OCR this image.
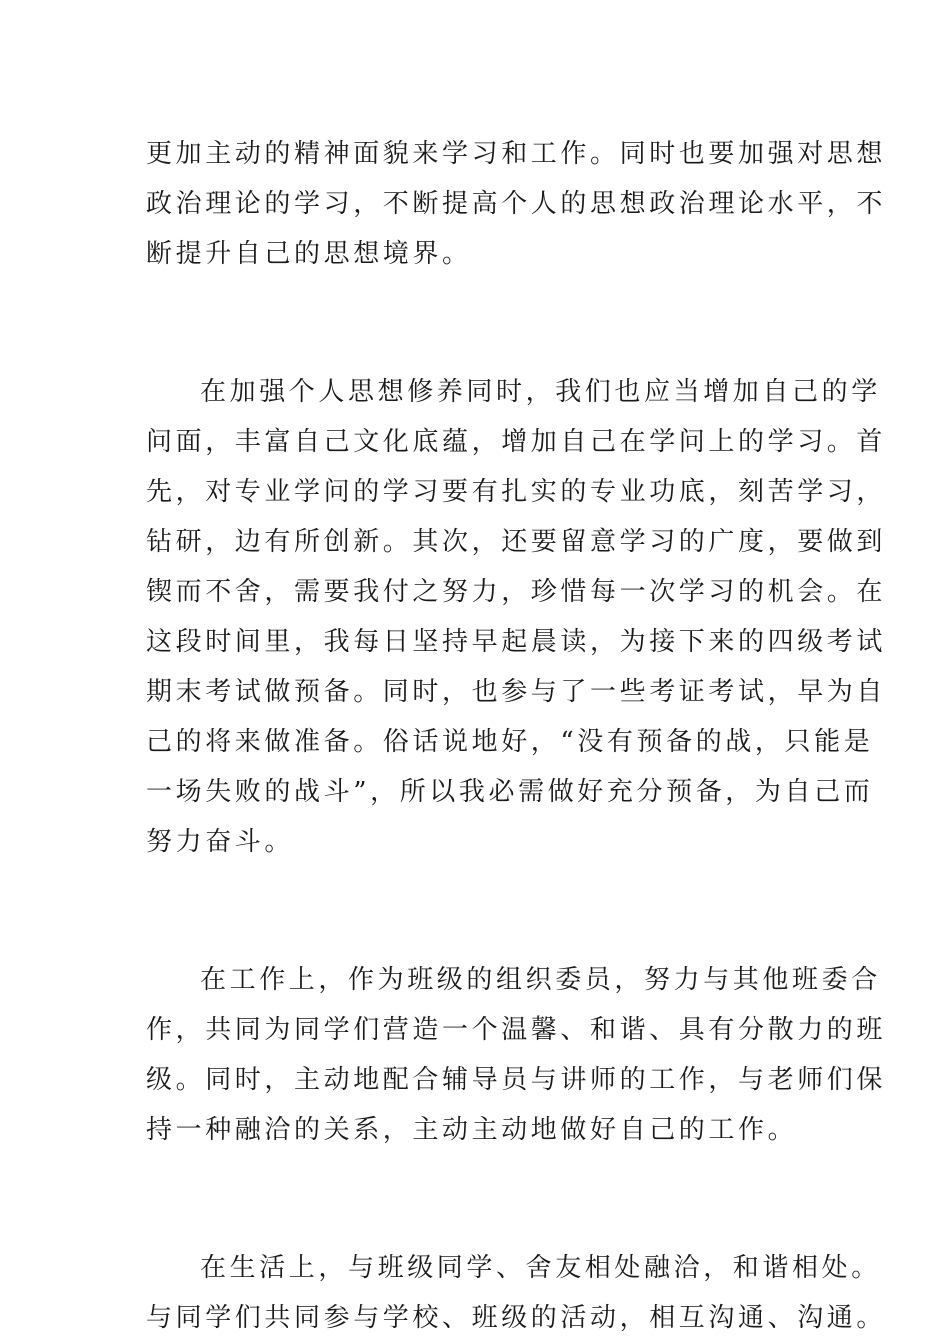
更加主动的精神面貌来学习和工作。同时也要加强对思想
政治理论的学习，不断提高个人的思想政治理论水平，不
断提升自己的思想境界。
在加强个人思想修养同时，我们也应当增加自己的学
问面，丰富自己文化底蕴，增加自己在学问上的学习。首
先，对专业学问的学习要有扎实的专业功底，刻苦学习，
钻研，边有所创新。其次，还要留意学习的广度，要做到
锲而不舍，需要我付之努力，珍惜每一次学习的机会。在
这段时间里，我每日坚持早起晨读，为接下来的四级考试
期末考试做预备。同时，也参与了一些考证考试，早为自
己的将来做准备。俗话说地好，“没有预备的战，只能是
一场失败的战斗”，所以我必需做好充分预备，为自己而
努力奋斗。
在工作上，作为班级的组织委员，努力与其他班委合
作，共同为同学们营造一个温馨、和谐、具有分散力的班
级。同时，主动地配合辅导员与讲师的工作，与老师们保
持一种融洽的关系，主动主动地做好自己的工作。
在生活上，与班级同学、舍友相处融洽，和谐相处。
与同学们共同参与学校、班级的活动，相互沟通、沟通。
